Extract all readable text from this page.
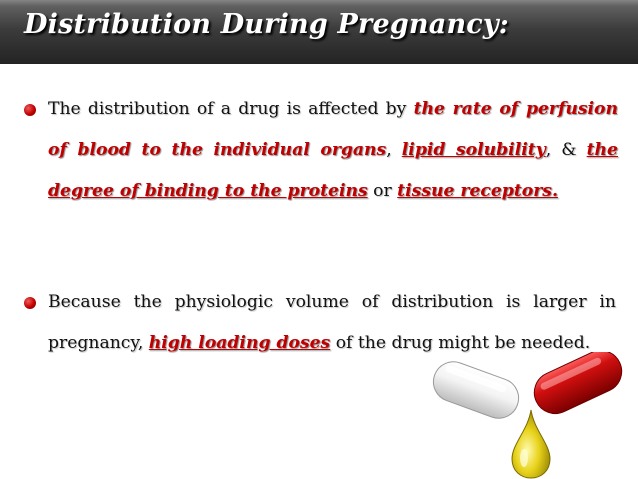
Distribution During Pregnancy:
The distribution of a drug is affected by the rate of perfusion of blood to the individual organs, lipid solubility, & the degree of binding to the proteins or tissue receptors.
Because the physiologic volume of distribution is larger in pregnancy, high loading doses of the drug might be needed.
